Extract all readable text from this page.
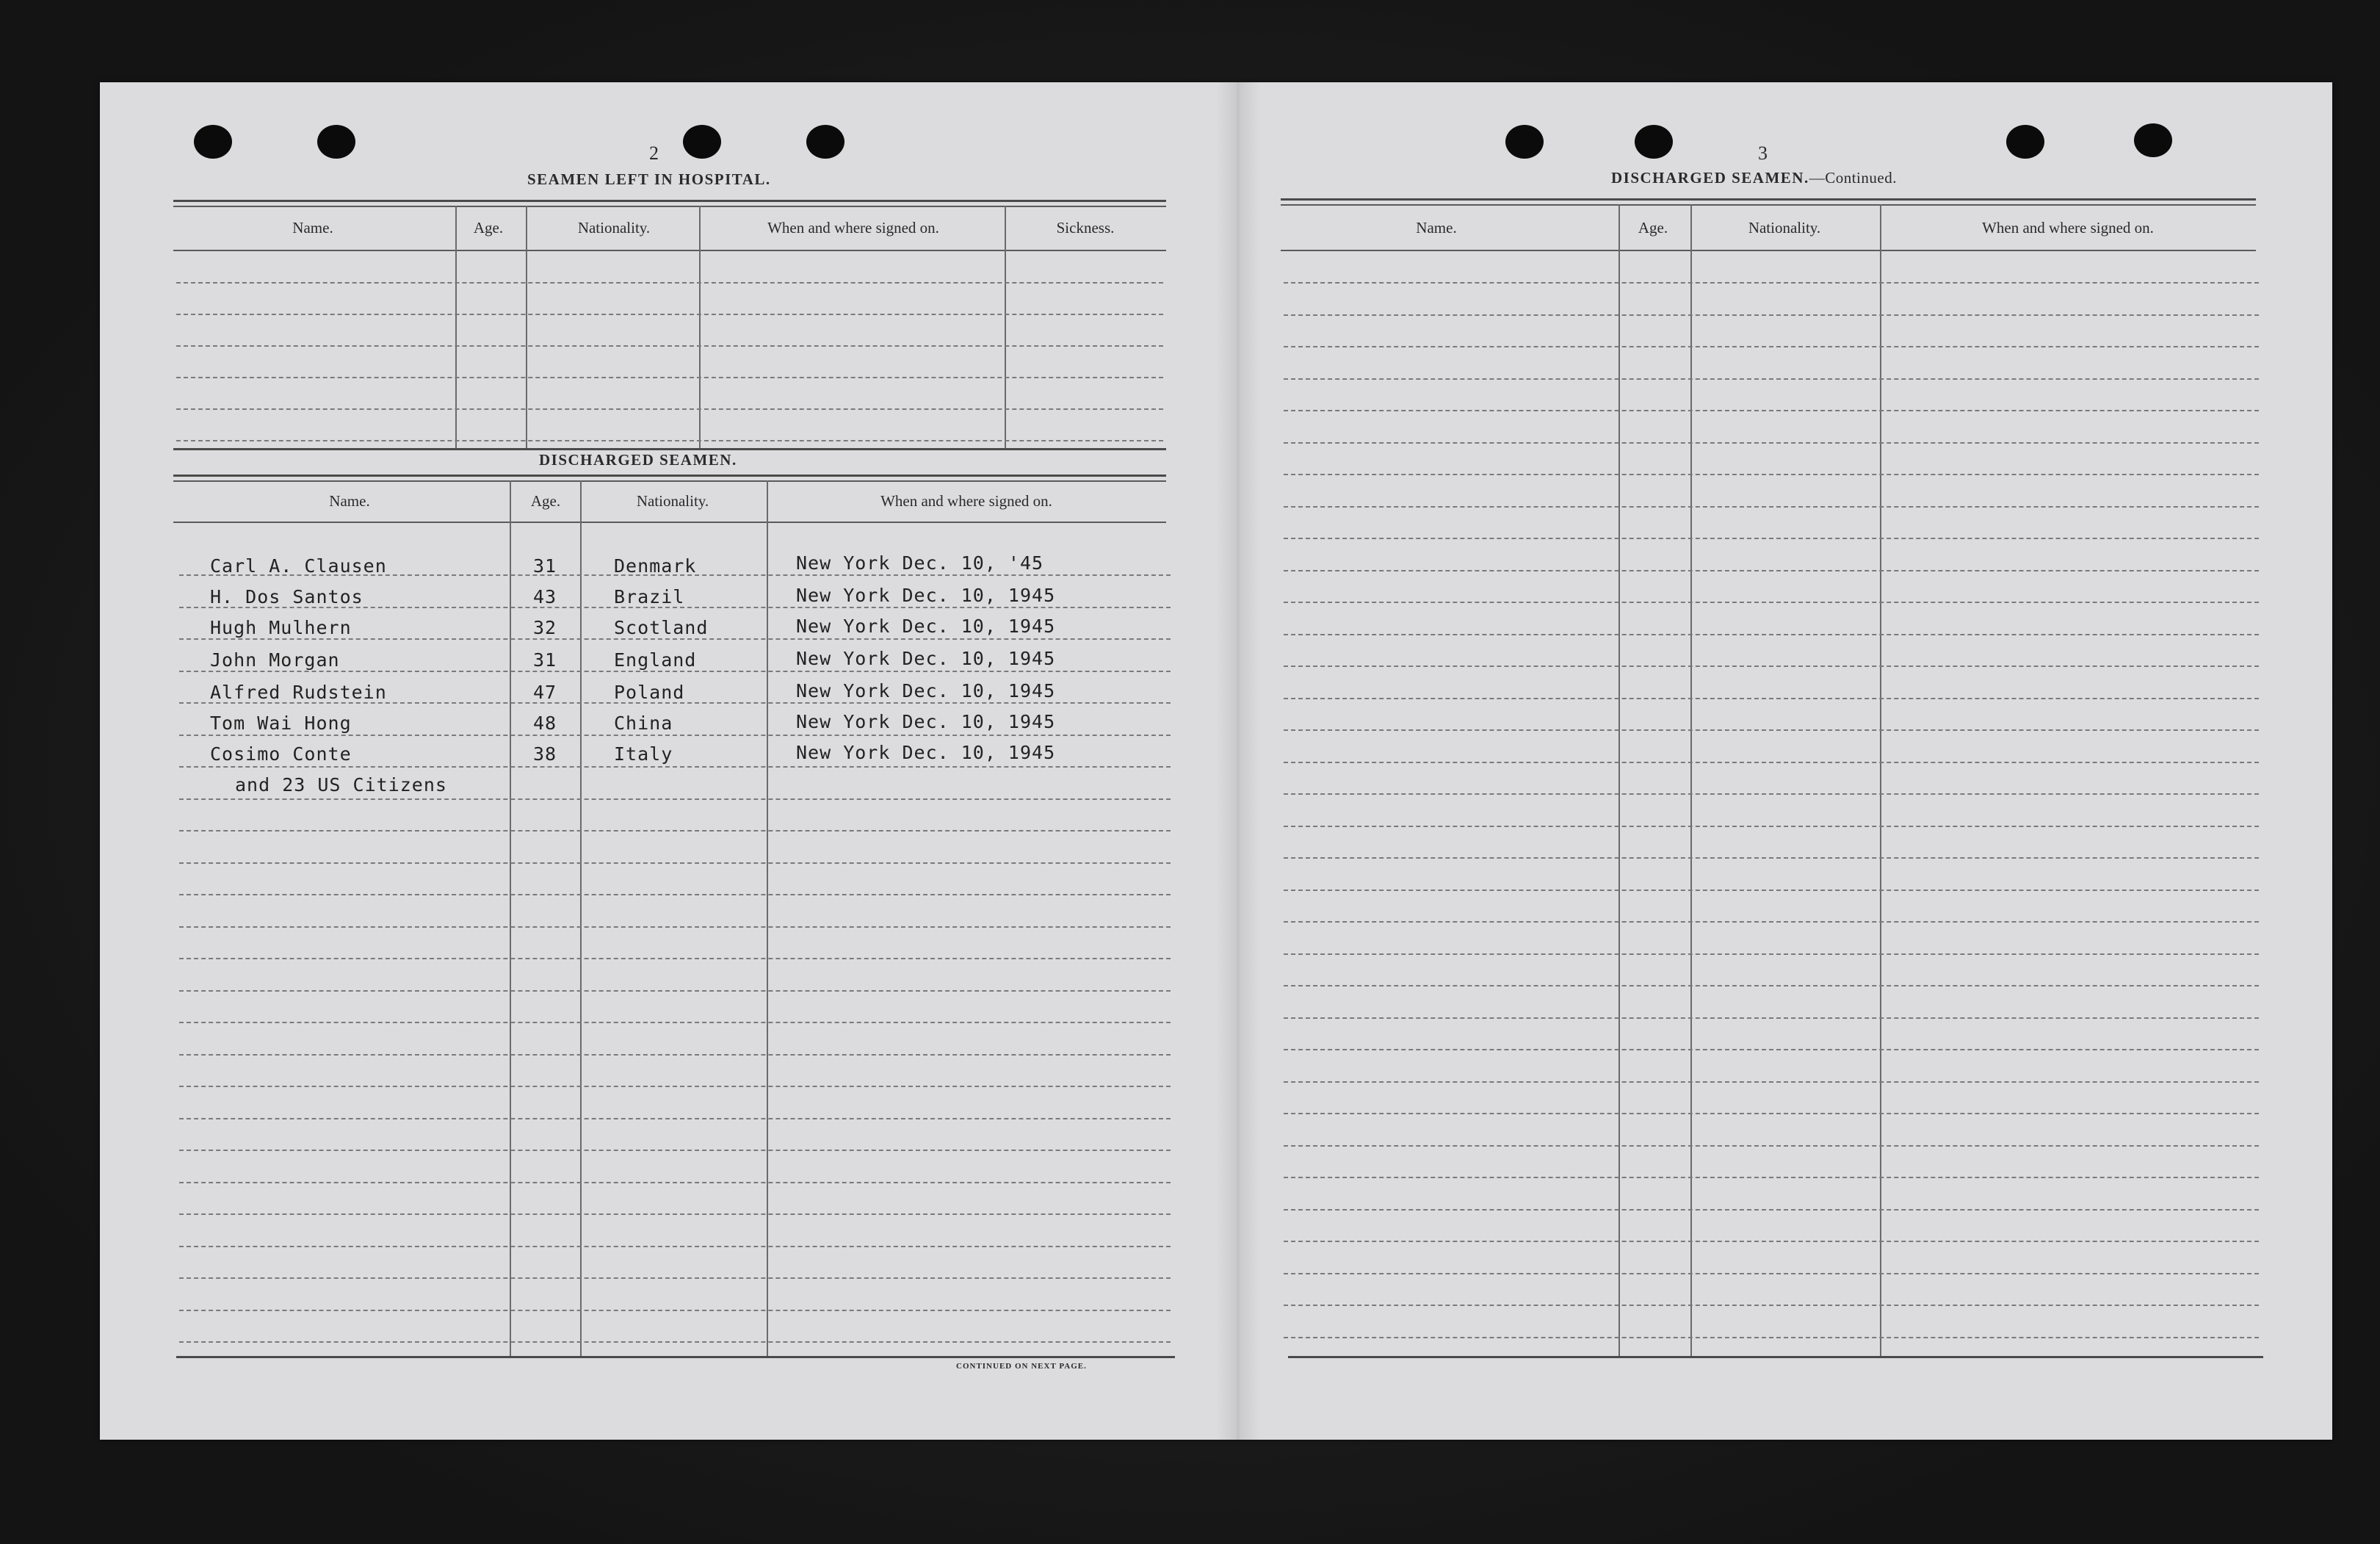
2
SEAMEN LEFT IN HOSPITAL.
Name.	Age.	Nationality.	When and where signed on.	Sickness.
DISCHARGED SEAMEN.
Name.	Age.	Nationality.	When and where signed on.
Carl A. Clausen	31	Denmark	New York Dec. 10, '45
H. Dos Santos	43	Brazil	New York Dec. 10, 1945
Hugh Mulhern	32	Scotland	New York Dec. 10, 1945
John Morgan	31	England	New York Dec. 10, 1945
Alfred Rudstein	47	Poland	New York Dec. 10, 1945
Tom Wai Hong	48	China	New York Dec. 10, 1945
Cosimo Conte	38	Italy	New York Dec. 10, 1945
and 23 US Citizens
CONTINUED ON NEXT PAGE.
3
DISCHARGED SEAMEN.—Continued.
Name.	Age.	Nationality.	When and where signed on.
